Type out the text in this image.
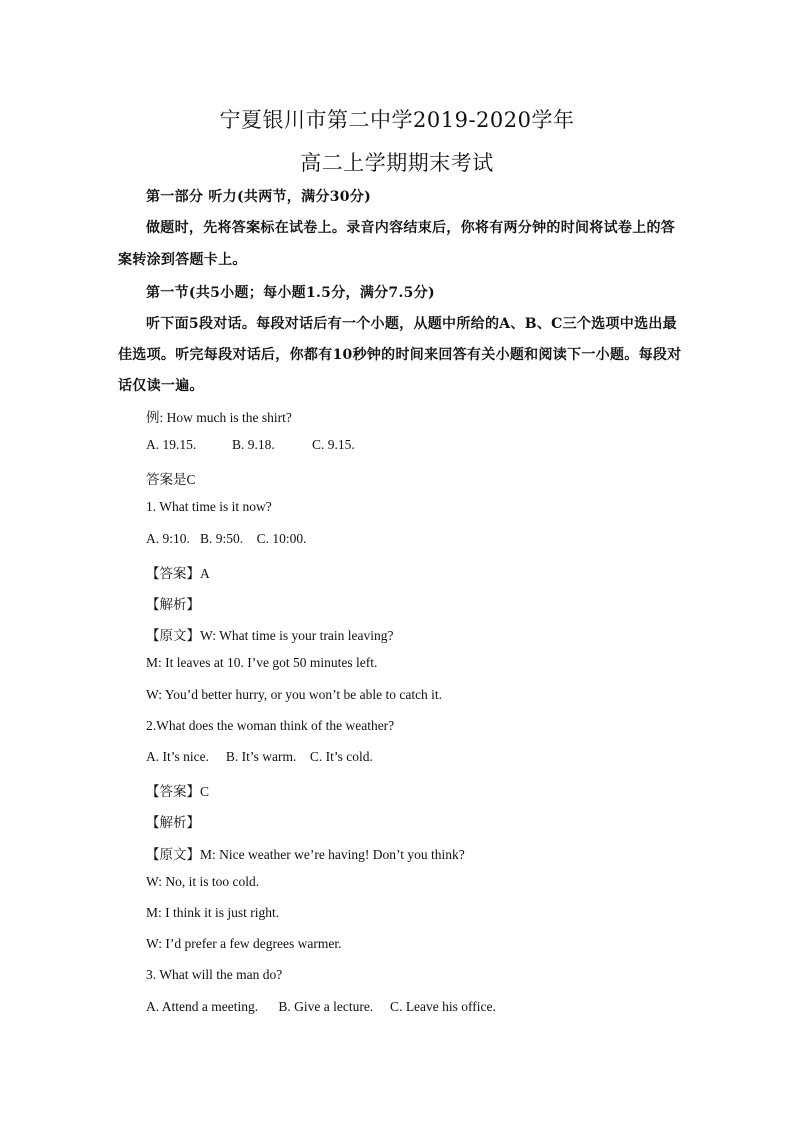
宁夏银川市第二中学2019-2020学年
高二上学期期末考试
第一部分 听力(共两节，满分30分)
做题时，先将答案标在试卷上。录音内容结束后，你将有两分钟的时间将试卷上的答
案转涂到答题卡上。
第一节(共5小题；每小题1.5分，满分7.5分)
听下面5段对话。每段对话后有一个小题，从题中所给的A、B、C三个选项中选出最
佳选项。听完每段对话后，你都有10秒钟的时间来回答有关小题和阅读下一小题。每段对
话仅读一遍。
例: How much is the shirt?
A. 19.15.	B. 9.18.	C. 9.15.
答案是C
1. What time is it now?
A. 9:10.   B. 9:50.    C. 10:00.
【答案】A
【解析】
【原文】W: What time is your train leaving?
M: It leaves at 10. I’ve got 50 minutes left.
W: You’d better hurry, or you won’t be able to catch it.
2.What does the woman think of the weather?
A. It’s nice.     B. It’s warm.    C. It’s cold.
【答案】C
【解析】
【原文】M: Nice weather we’re having! Don’t you think?
W: No, it is too cold.
M: I think it is just right.
W: I’d prefer a few degrees warmer.
3. What will the man do?
A. Attend a meeting.      B. Give a lecture.     C. Leave his office.
